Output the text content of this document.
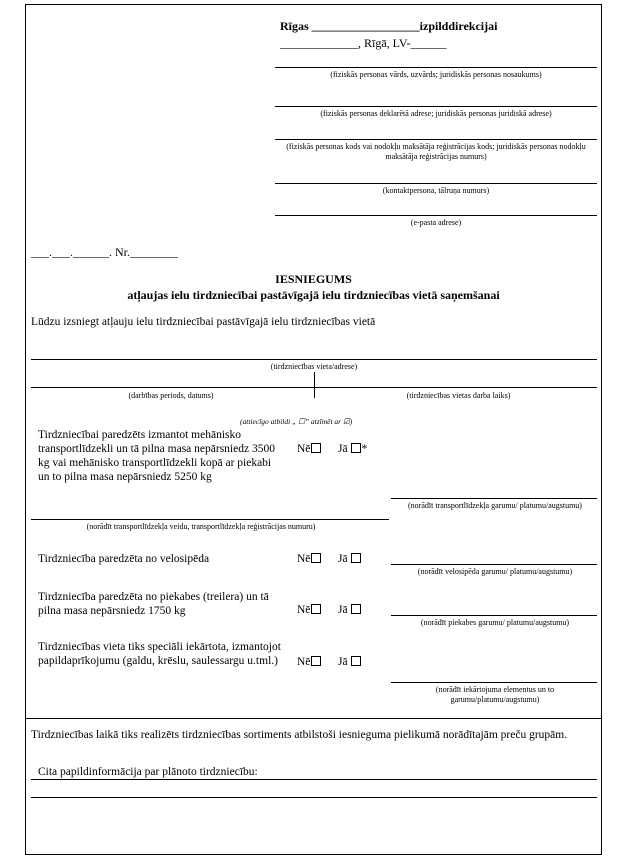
Rīgas __________________izpilddirekcijai
_____________, Rīgā, LV-______
(fiziskās personas vārds, uzvārds; juridiskās personas nosaukums)
(fiziskās personas deklarētā adrese; juridiskās personas juridiskā adrese)
(fiziskās personas kods vai nodokļu maksātāja reģistrācijas kods; juridiskās personas nodokļu maksātāja reģistrācijas numurs)
(kontaktpersona, tālruņa numurs)
(e-pasta adrese)
___.___.______. Nr.________
IESNIEGUMS
atļaujas ielu tirdzniecībai pastāvīgajā ielu tirdzniecības vietā saņemšanai
Lūdzu izsniegt atļauju ielu tirdzniecībai pastāvīgajā ielu tirdzniecības vietā
(tirdzniecības vieta/adrese)
(darbības periods, datums)	(tirdzniecības vietas darba laiks)
(attiecīgo atbildi „ ☐” atzīmēt ar ☑)
Tirdzniecībai paredzēts izmantot mehānisko transportlīdzekli un tā pilna masa nepārsniedz 3500 kg vai mehānisko transportlīdzekli kopā ar piekabi un to pilna masa nepārsniedz 5250 kg
Nē	Jā *
(norādīt transportlīdzekļa garumu/ platumu/augstumu)
(norādīt transportlīdzekļa veidu, transportlīdzekļa reģistrācijas numuru)
Tirdzniecība paredzēta no velosipēda	Nē	Jā
(norādīt velosipēda garumu/ platumu/augstumu)
Tirdzniecība paredzēta no piekabes (treilera) un tā pilna masa nepārsniedz 1750 kg	Nē	Jā
(norādīt piekabes garumu/ platumu/augstumu)
Tirdzniecības vieta tiks speciāli iekārtota, izmantojot papildaprīkojumu (galdu, krēslu, saulessargu u.tml.) Nē	Jā
(norādīt iekārtojuma elementus un to garumu/platumu/augstumu)
Tirdzniecības laikā tiks realizēts tirdzniecības sortiments atbilstoši iesnieguma pielikumā norādītajām preču grupām.
Cita papildinformācija par plānoto tirdzniecību:
